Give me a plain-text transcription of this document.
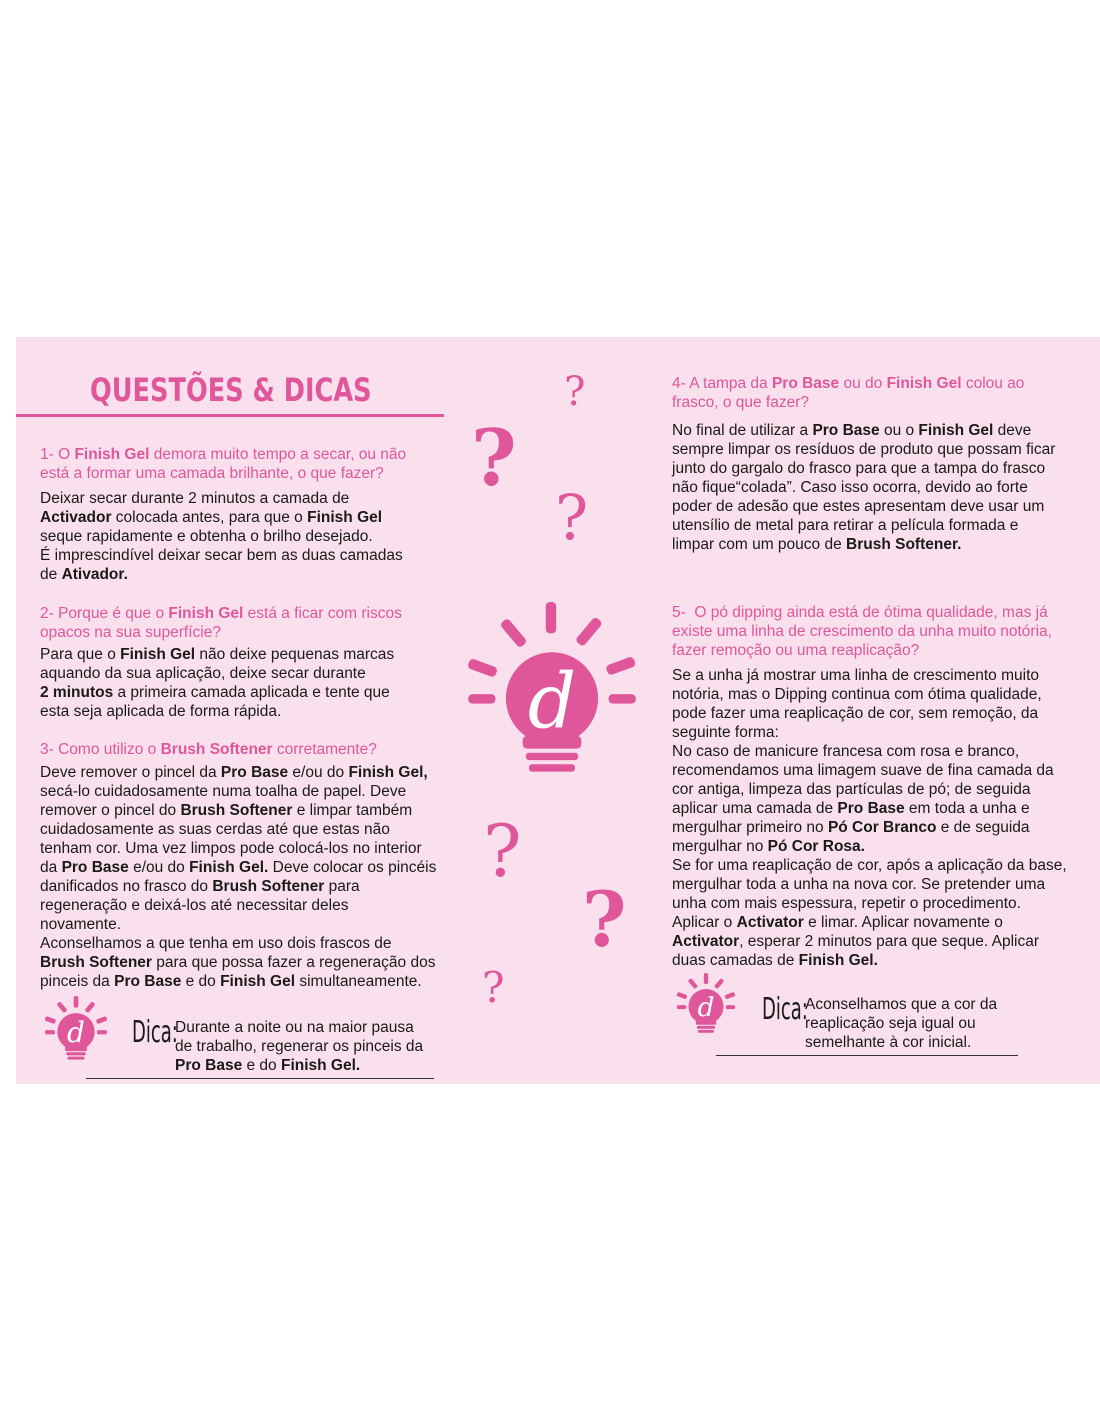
QUESTÕES & DICAS
1- O Finish Gel demora muito tempo a secar, ou não
está a formar uma camada brilhante, o que fazer?
Deixar secar durante 2 minutos a camada de
Activador colocada antes, para que o Finish Gel
seque rapidamente e obtenha o brilho desejado.
É imprescindível deixar secar bem as duas camadas
de Ativador.
2- Porque é que o Finish Gel está a ficar com riscos
opacos na sua superfície?
Para que o Finish Gel não deixe pequenas marcas
aquando da sua aplicação, deixe secar durante
2 minutos a primeira camada aplicada e tente que
esta seja aplicada de forma rápida.
3- Como utilizo o Brush Softener corretamente?
Deve remover o pincel da Pro Base e/ou do Finish Gel,
secá-lo cuidadosamente numa toalha de papel. Deve
remover o pincel do Brush Softener e limpar também
cuidadosamente as suas cerdas até que estas não
tenham cor. Uma vez limpos pode colocá-los no interior
da Pro Base e/ou do Finish Gel. Deve colocar os pincéis
danificados no frasco do Brush Softener para
regeneração e deixá-los até necessitar deles
novamente.
Aconselhamos a que tenha em uso dois frascos de
Brush Softener para que possa fazer a regeneração dos
pinceis da Pro Base e do Finish Gel simultaneamente.
d Dica:
Durante a noite ou na maior pausa
de trabalho, regenerar os pinceis da
Pro Base e do Finish Gel.
?
?
?
?
?
?
d
4- A tampa da Pro Base ou do Finish Gel colou ao
frasco, o que fazer?
No final de utilizar a Pro Base ou o Finish Gel deve
sempre limpar os resíduos de produto que possam ficar
junto do gargalo do frasco para que a tampa do frasco
não fique“colada”. Caso isso ocorra, devido ao forte
poder de adesão que estes apresentam deve usar um
utensílio de metal para retirar a película formada e
limpar com um pouco de Brush Softener.
5-  O pó dipping ainda está de ótima qualidade, mas já
existe uma linha de crescimento da unha muito notória,
fazer remoção ou uma reaplicação?
Se a unha já mostrar uma linha de crescimento muito
notória, mas o Dipping continua com ótima qualidade,
pode fazer uma reaplicação de cor, sem remoção, da
seguinte forma:
No caso de manicure francesa com rosa e branco,
recomendamos uma limagem suave de fina camada da
cor antiga, limpeza das partículas de pó; de seguida
aplicar uma camada de Pro Base em toda a unha e
mergulhar primeiro no Pó Cor Branco e de seguida
mergulhar no Pó Cor Rosa.
Se for uma reaplicação de cor, após a aplicação da base,
mergulhar toda a unha na nova cor. Se pretender uma
unha com mais espessura, repetir o procedimento.
Aplicar o Activator e limar. Aplicar novamente o
Activator, esperar 2 minutos para que seque. Aplicar
duas camadas de Finish Gel.
d Dica:
Aconselhamos que a cor da
reaplicação seja igual ou
semelhante à cor inicial.
